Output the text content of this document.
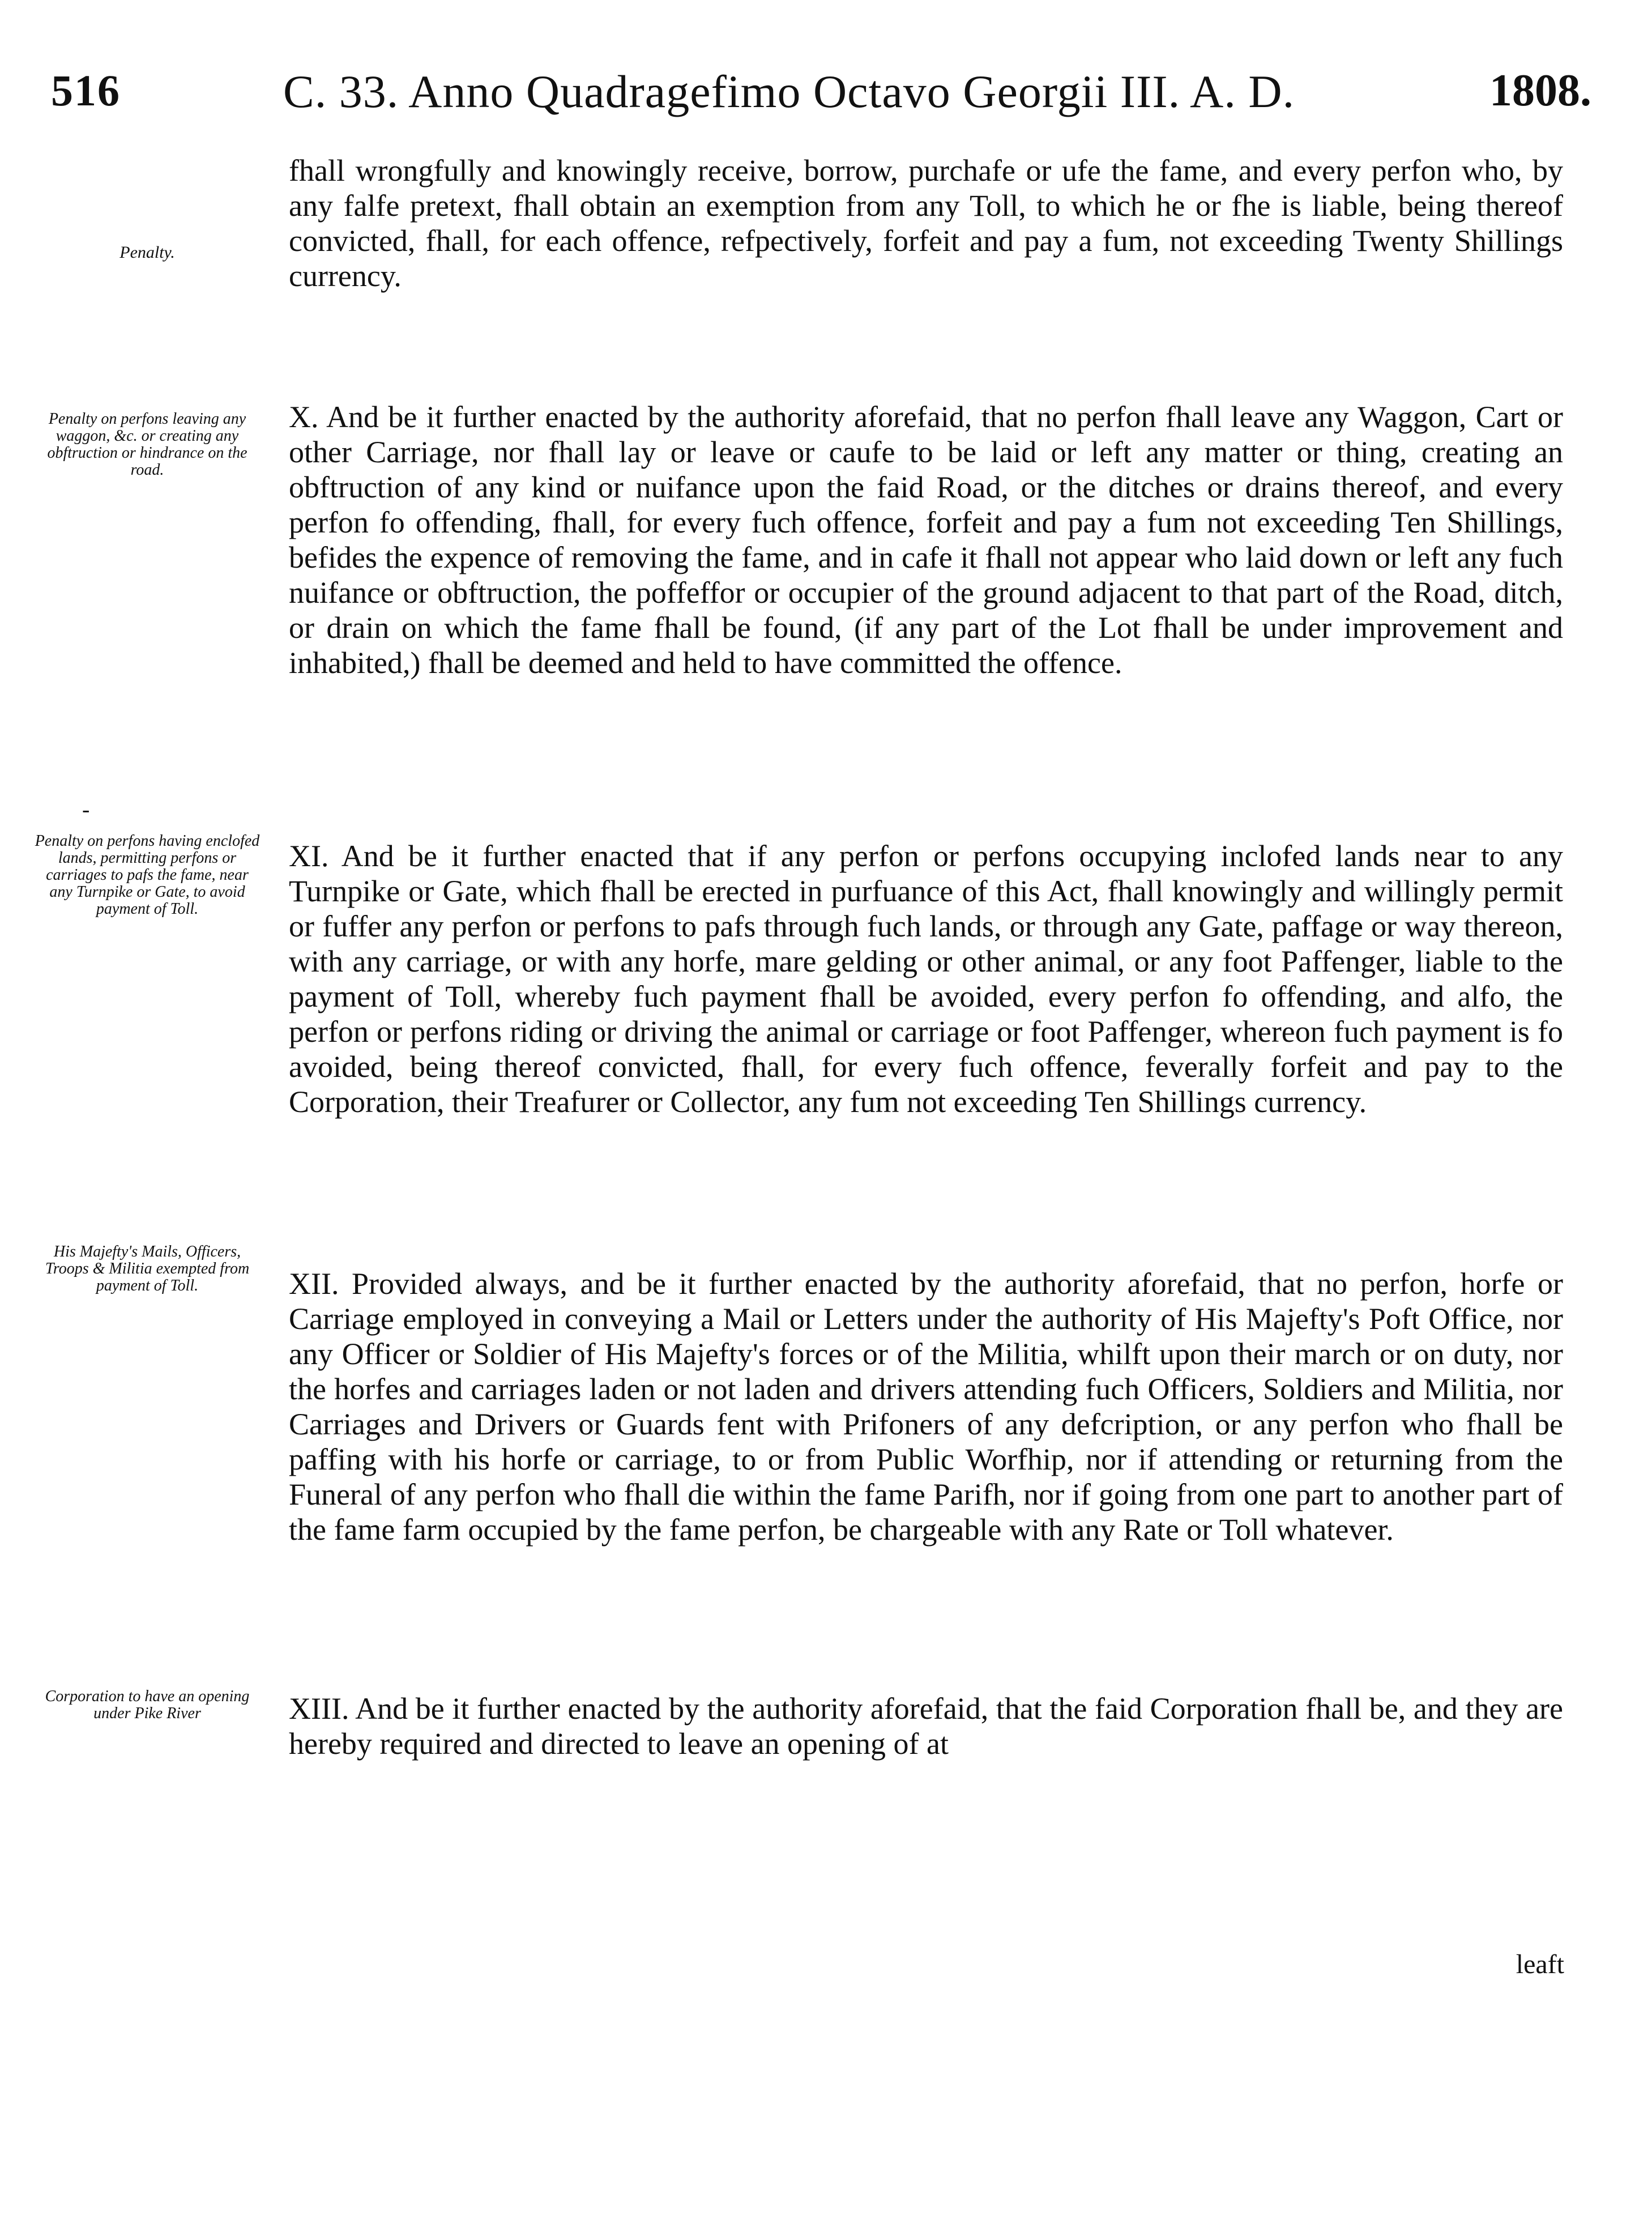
516	C. 33. Anno Quadragefimo Octavo Georgii III. A. D.	1808.
Penalty.
Penalty on perfons leaving any waggon, &c. or creating any obftruction or hindrance on the road.
-
Penalty on perfons having enclofed lands, permitting perfons or carriages to pafs the fame, near any Turnpike or Gate, to avoid payment of Toll.
His Majefty's Mails, Officers, Troops & Militia exempted from payment of Toll.
Corporation to have an opening under Pike River

fhall wrongfully and knowingly receive, borrow, purchafe or ufe the fame, and every perfon who, by any falfe pretext, fhall obtain an exemption from any Toll, to which he or fhe is liable, being thereof convicted, fhall, for each offence, refpectively, forfeit and pay a fum, not exceeding Twenty Shillings currency.

X. And be it further enacted by the authority aforefaid, that no perfon fhall leave any Waggon, Cart or other Carriage, nor fhall lay or leave or caufe to be laid or left any matter or thing, creating an obftruction of any kind or nuifance upon the faid Road, or the ditches or drains thereof, and every perfon fo offending, fhall, for every fuch offence, forfeit and pay a fum not exceeding Ten Shillings, befides the expence of removing the fame, and in cafe it fhall not appear who laid down or left any fuch nuifance or obftruction, the poffeffor or occupier of the ground adjacent to that part of the Road, ditch, or drain on which the fame fhall be found, (if any part of the Lot fhall be under improvement and inhabited,) fhall be deemed and held to have committed the offence.

XI. And be it further enacted that if any perfon or perfons occupying inclofed lands near to any Turnpike or Gate, which fhall be erected in purfuance of this Act, fhall knowingly and willingly permit or fuffer any perfon or perfons to pafs through fuch lands, or through any Gate, paffage or way thereon, with any carriage, or with any horfe, mare gelding or other animal, or any foot Paffenger, liable to the payment of Toll, whereby fuch payment fhall be avoided, every perfon fo offending, and alfo, the perfon or perfons riding or driving the animal or carriage or foot Paffenger, whereon fuch payment is fo avoided, being thereof convicted, fhall, for every fuch offence, feverally forfeit and pay to the Corporation, their Treafurer or Collector, any fum not exceeding Ten Shillings currency.

XII. Provided always, and be it further enacted by the authority aforefaid, that no perfon, horfe or Carriage employed in conveying a Mail or Letters under the authority of His Majefty's Poft Office, nor any Officer or Soldier of His Majefty's forces or of the Militia, whilft upon their march or on duty, nor the horfes and carriages laden or not laden and drivers attending fuch Officers, Soldiers and Militia, nor Carriages and Drivers or Guards fent with Prifoners of any defcription, or any perfon who fhall be paffing with his horfe or carriage, to or from Public Worfhip, nor if attending or returning from the Funeral of any perfon who fhall die within the fame Parifh, nor if going from one part to another part of the fame farm occupied by the fame perfon, be chargeable with any Rate or Toll whatever.

XIII. And be it further enacted by the authority aforefaid, that the faid Corporation fhall be, and they are hereby required and directed to leave an opening of at

leaft
